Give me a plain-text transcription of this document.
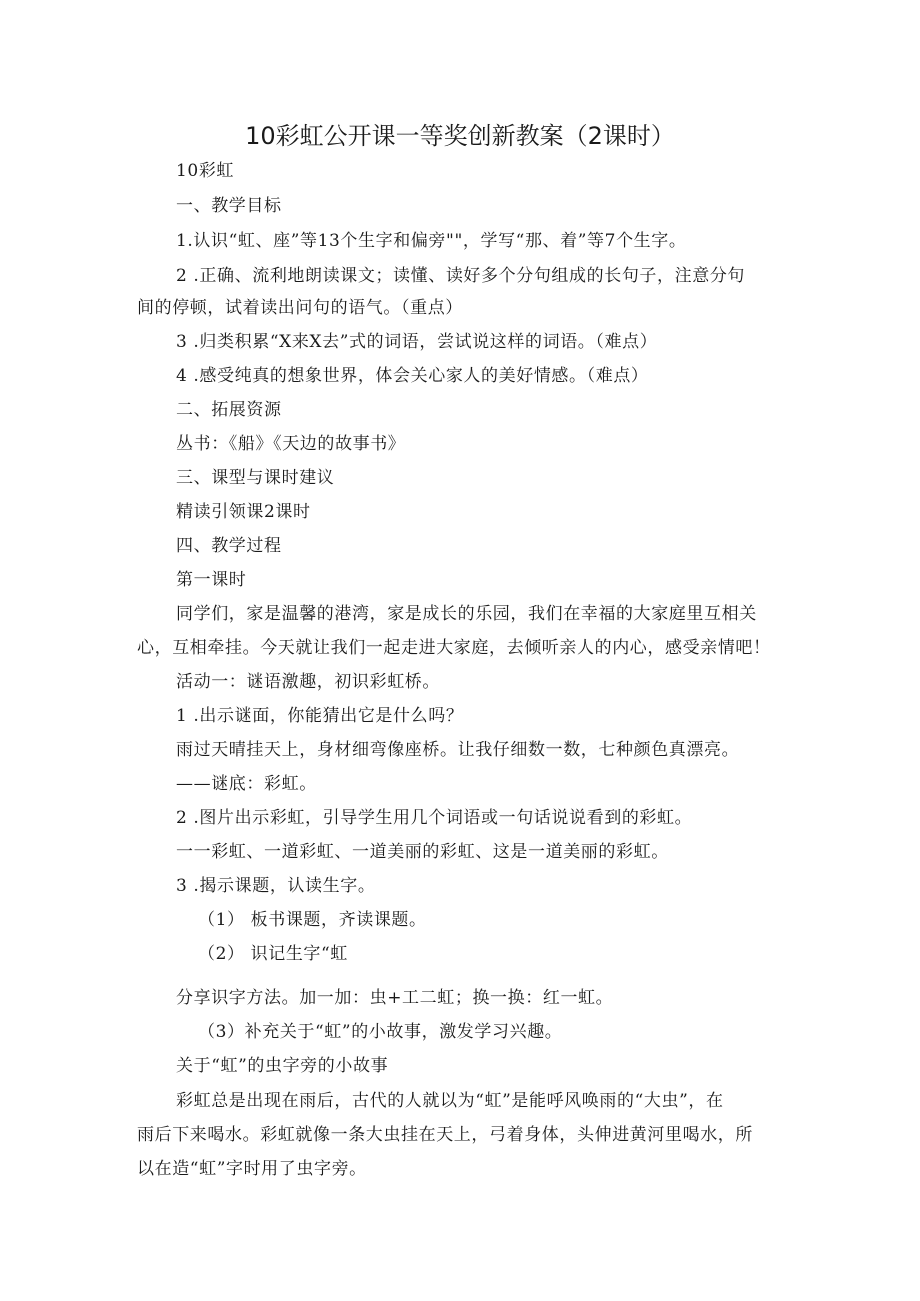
10彩虹公开课一等奖创新教案（2课时）
10彩虹
一、教学目标
1.认识“虹、座”等13个生字和偏旁""，学写“那、着”等7个生字。
2 .正确、流利地朗读课文；读懂、读好多个分句组成的长句子，注意分句
间的停顿，试着读出问句的语气。（重点）
3 .归类积累“X来X去”式的词语，尝试说这样的词语。（难点）
4 .感受纯真的想象世界，体会关心家人的美好情感。（难点）
二、拓展资源
丛书：《船》《天边的故事书》
三、课型与课时建议
精读引领课2课时
四、教学过程
第一课时
同学们，家是温馨的港湾，家是成长的乐园，我们在幸福的大家庭里互相关
心，互相牵挂。今天就让我们一起走进大家庭，去倾听亲人的内心，感受亲情吧！
活动一：谜语激趣，初识彩虹桥。
1 .出示谜面，你能猜出它是什么吗？
雨过天晴挂天上，身材细弯像座桥。让我仔细数一数，七种颜色真漂亮。
——谜底：彩虹。
2 .图片出示彩虹，引导学生用几个词语或一句话说说看到的彩虹。
一一彩虹、一道彩虹、一道美丽的彩虹、这是一道美丽的彩虹。
3 .揭示课题，认读生字。
（1） 板书课题，齐读课题。
（2） 识记生字“虹
分享识字方法。加一加：虫+工二虹；换一换：红一虹。
（3）补充关于“虹”的小故事，激发学习兴趣。
关于“虹”的虫字旁的小故事
彩虹总是出现在雨后，古代的人就以为“虹”是能呼风唤雨的“大虫”，在
雨后下来喝水。彩虹就像一条大虫挂在天上，弓着身体，头伸进黄河里喝水，所
以在造“虹”字时用了虫字旁。
